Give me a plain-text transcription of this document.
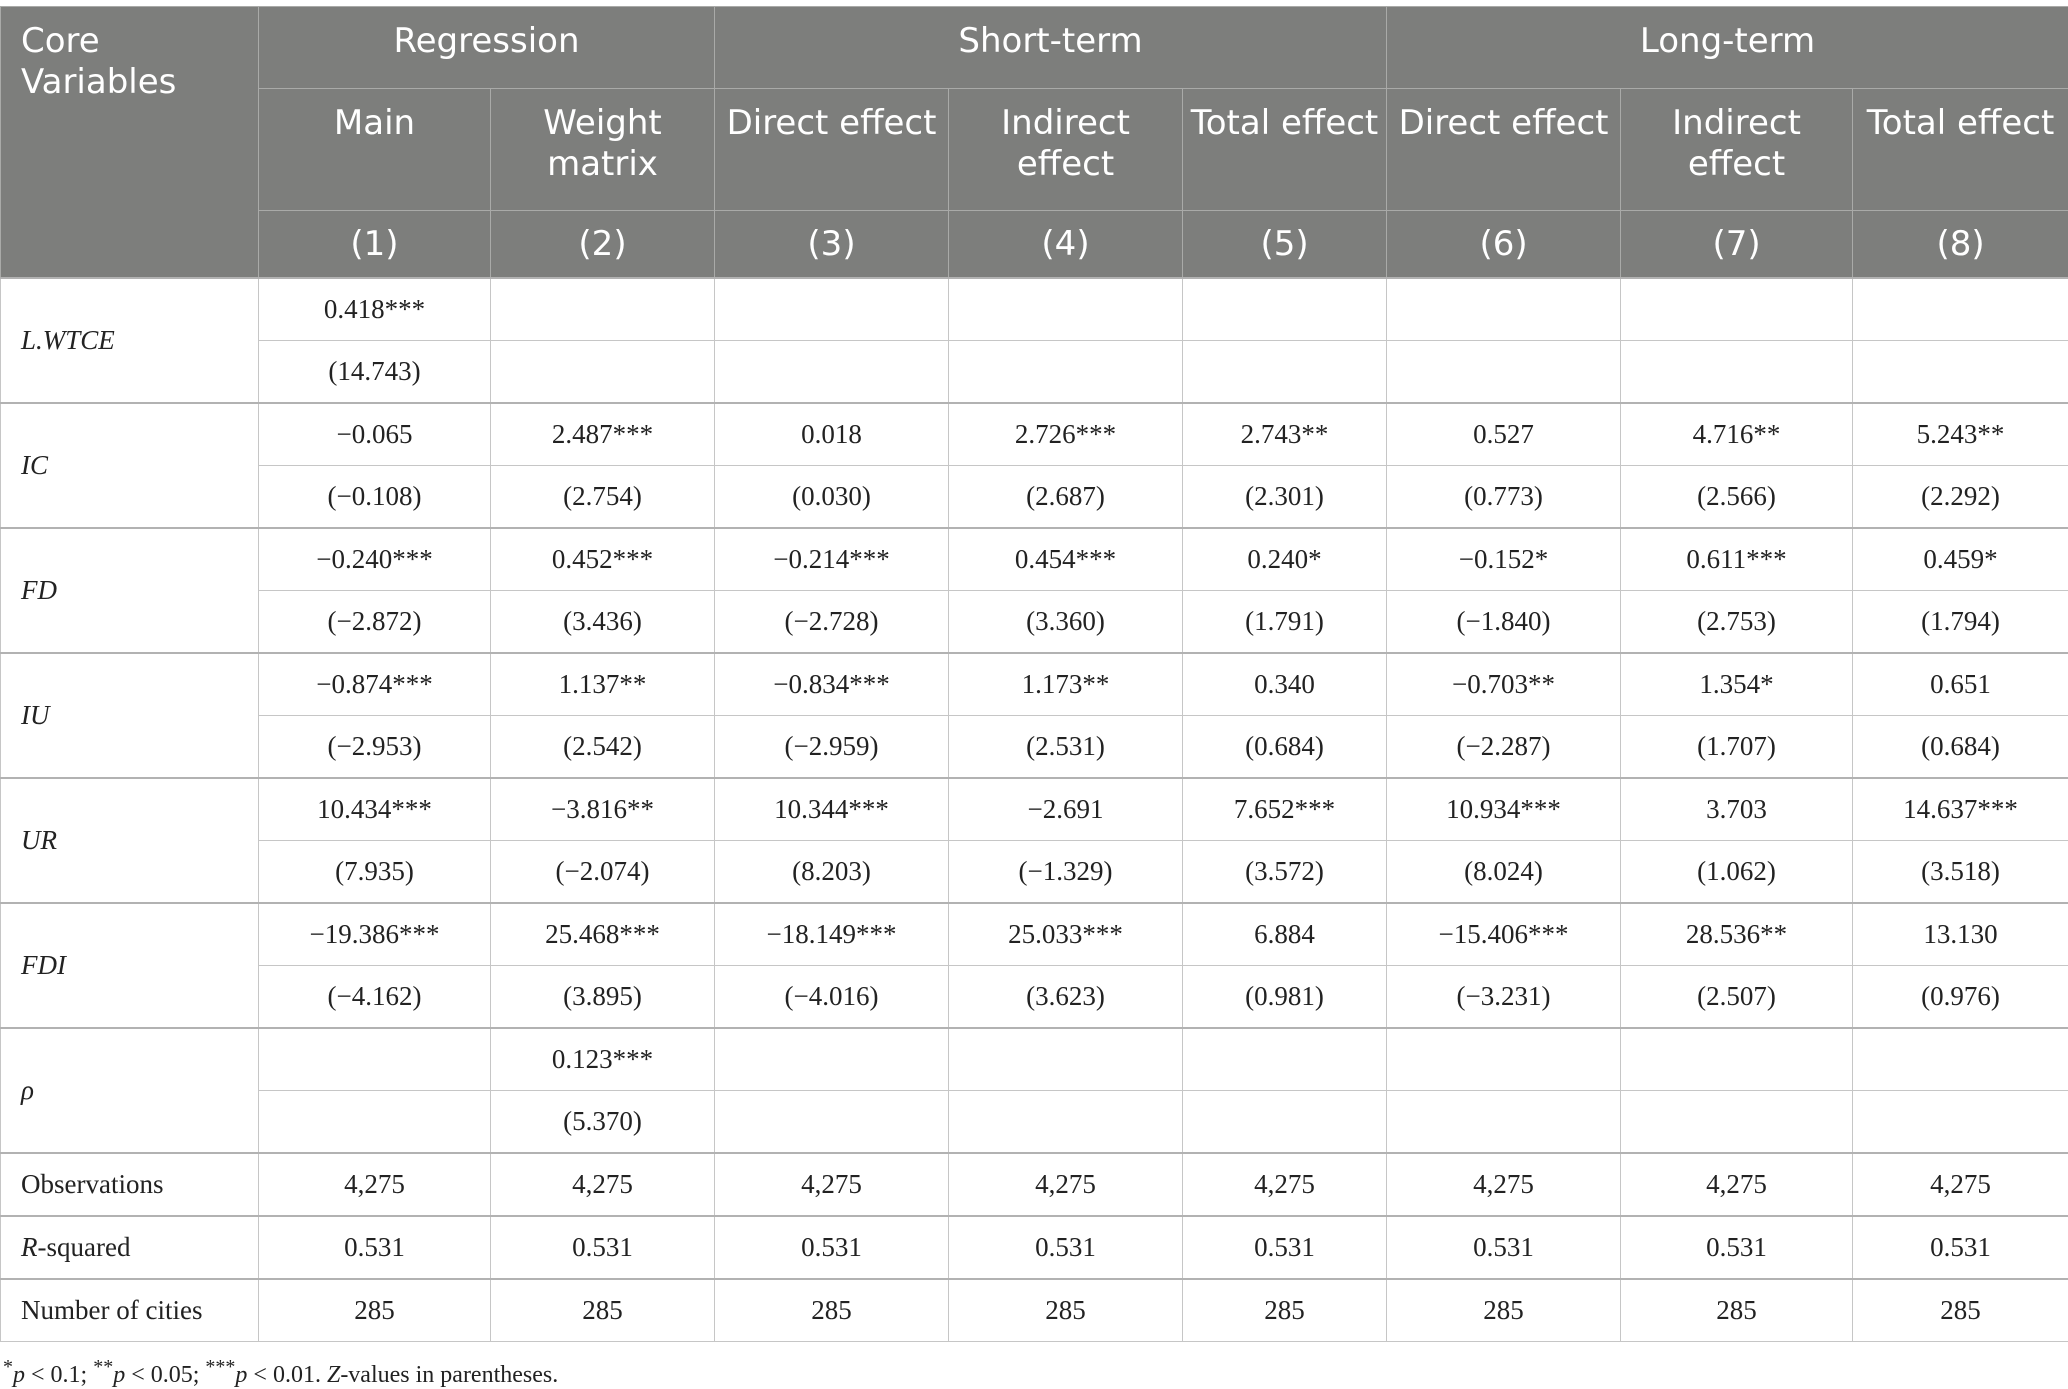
Core Variables	Regression		Short-term			Long-term		
	Main	Weight matrix	Direct effect	Indirect effect	Total effect	Direct effect	Indirect effect	Total effect
	(1)	(2)	(3)	(4)	(5)	(6)	(7)	(8)
L.WTCE	0.418***							
	(14.743)							
IC	−0.065	2.487***	0.018	2.726***	2.743**	0.527	4.716**	5.243**
	(−0.108)	(2.754)	(0.030)	(2.687)	(2.301)	(0.773)	(2.566)	(2.292)
FD	−0.240***	0.452***	−0.214***	0.454***	0.240*	−0.152*	0.611***	0.459*
	(−2.872)	(3.436)	(−2.728)	(3.360)	(1.791)	(−1.840)	(2.753)	(1.794)
IU	−0.874***	1.137**	−0.834***	1.173**	0.340	−0.703**	1.354*	0.651
	(−2.953)	(2.542)	(−2.959)	(2.531)	(0.684)	(−2.287)	(1.707)	(0.684)
UR	10.434***	−3.816**	10.344***	−2.691	7.652***	10.934***	3.703	14.637***
	(7.935)	(−2.074)	(8.203)	(−1.329)	(3.572)	(8.024)	(1.062)	(3.518)
FDI	−19.386***	25.468***	−18.149***	25.033***	6.884	−15.406***	28.536**	13.130
	(−4.162)	(3.895)	(−4.016)	(3.623)	(0.981)	(−3.231)	(2.507)	(0.976)
ρ		0.123***						
		(5.370)						
Observations	4,275	4,275	4,275	4,275	4,275	4,275	4,275	4,275
R-squared	0.531	0.531	0.531	0.531	0.531	0.531	0.531	0.531
Number of cities	285	285	285	285	285	285	285	285
*p < 0.1; **p < 0.05; ***p < 0.01. Z-values in parentheses.
